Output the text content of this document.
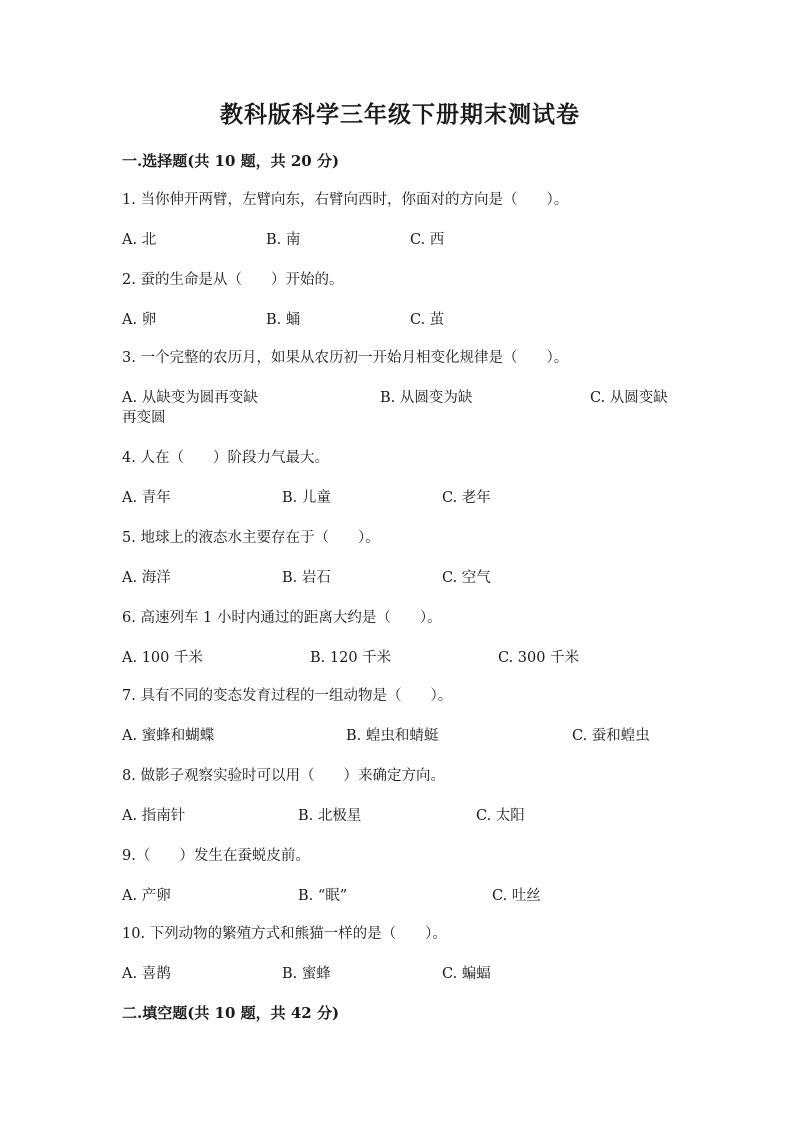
教科版科学三年级下册期末测试卷
一.选择题(共 10 题，共 20 分)
1. 当你伸开两臂，左臂向东，右臂向西时，你面对的方向是（　　）。
A. 北	B. 南	C. 西
2. 蚕的生命是从（　　）开始的。
A. 卵	B. 蛹	C. 茧
3. 一个完整的农历月，如果从农历初一开始月相变化规律是（　　）。
A. 从缺变为圆再变缺	B. 从圆变为缺	C. 从圆变缺
再变圆
4. 人在（　　）阶段力气最大。
A. 青年	B. 儿童	C. 老年
5. 地球上的液态水主要存在于（　　）。
A. 海洋	B. 岩石	C. 空气
6. 高速列车 1 小时内通过的距离大约是（　　）。
A. 100 千米	B. 120 千米	C. 300 千米
7. 具有不同的变态发育过程的一组动物是（　　）。
A. 蜜蜂和蝴蝶	B. 蝗虫和蜻蜓	C. 蚕和蝗虫
8. 做影子观察实验时可以用（　　）来确定方向。
A. 指南针	B. 北极星	C. 太阳
9.（　　）发生在蚕蜕皮前。
A. 产卵	B. “眠”	C. 吐丝
10. 下列动物的繁殖方式和熊猫一样的是（　　）。
A. 喜鹊	B. 蜜蜂	C. 蝙蝠
二.填空题(共 10 题，共 42 分)
